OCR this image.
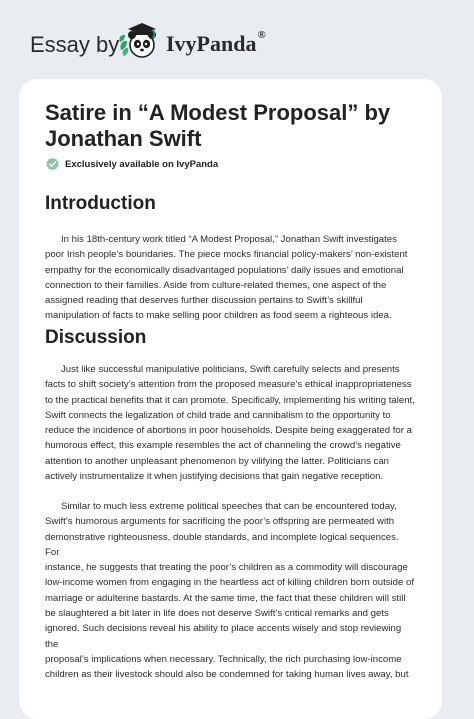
Essay by IvyPanda®
Satire in “A Modest Proposal” by Jonathan Swift
Exclusively available on IvyPanda
Introduction

In his 18th-century work titled “A Modest Proposal,” Jonathan Swift investigates
poor Irish people’s boundaries. The piece mocks financial policy-makers’ non-existent
empathy for the economically disadvantaged populations’ daily issues and emotional
connection to their families. Aside from culture-related themes, one aspect of the
assigned reading that deserves further discussion pertains to Swift’s skillful
manipulation of facts to make selling poor children as food seem a righteous idea.

Discussion

Just like successful manipulative politicians, Swift carefully selects and presents
facts to shift society’s attention from the proposed measure’s ethical inappropriateness
to the practical benefits that it can promote. Specifically, implementing his writing talent,
Swift connects the legalization of child trade and cannibalism to the opportunity to
reduce the incidence of abortions in poor households. Despite being exaggerated for a
humorous effect, this example resembles the act of channeling the crowd’s negative
attention to another unpleasant phenomenon by vilifying the latter. Politicians can
actively instrumentalize it when justifying decisions that gain negative reception.

Similar to much less extreme political speeches that can be encountered today,
Swift’s humorous arguments for sacrificing the poor’s offspring are permeated with
demonstrative righteousness, double standards, and incomplete logical sequences. For
instance, he suggests that treating the poor’s children as a commodity will discourage
low-income women from engaging in the heartless act of killing children born outside of
marriage or adulterine bastards. At the same time, the fact that these children will still
be slaughtered a bit later in life does not deserve Swift’s critical remarks and gets
ignored. Such decisions reveal his ability to place accents wisely and stop reviewing the
proposal’s implications when necessary. Technically, the rich purchasing low-income
children as their livestock should also be condemned for taking human lives away, but
